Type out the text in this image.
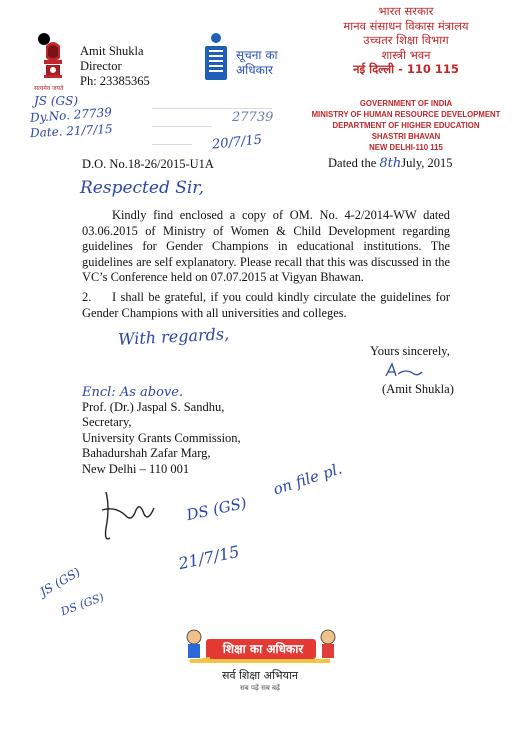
सत्यमेव जयते
Amit Shukla
Director
Ph: 23385365
सूचना का
अधिकार
भारत सरकार
मानव संसाधन विकास मंत्रालय
उच्चतर शिक्षा विभाग
शास्त्री भवन
नई दिल्ली - 110 115
GOVERNMENT OF INDIA
MINISTRY OF HUMAN RESOURCE DEVELOPMENT
DEPARTMENT OF HIGHER EDUCATION
SHASTRI BHAVAN
NEW DELHI-110 115
JS (GS)
Dy.No. 27739
Date. 21/7/15
27739
20/7/15
D.O. No.18-26/2015-U1A	Dated the 8thJuly, 2015
Respected Sir,
Kindly find enclosed a copy of OM. No. 4-2/2014-WW dated 03.06.2015 of Ministry of Women & Child Development regarding guidelines for Gender Champions in educational institutions. The guidelines are self explanatory. Please recall that this was discussed in the VC’s Conference held on 07.07.2015 at Vigyan Bhawan.
2. I shall be grateful, if you could kindly circulate the guidelines for Gender Champions with all universities and colleges.
With regards,
Yours sincerely,
(Amit Shukla)
Encl: As above.
Prof. (Dr.) Jaspal S. Sandhu,
Secretary,
University Grants Commission,
Bahadurshah Zafar Marg,
New Delhi – 110 001
DS (GS)
on file pl.
21/7/15
JS (GS)
DS (GS)
शिक्षा का अधिकार
सर्व शिक्षा अभियान
सब पढ़ें सब बढ़ें
